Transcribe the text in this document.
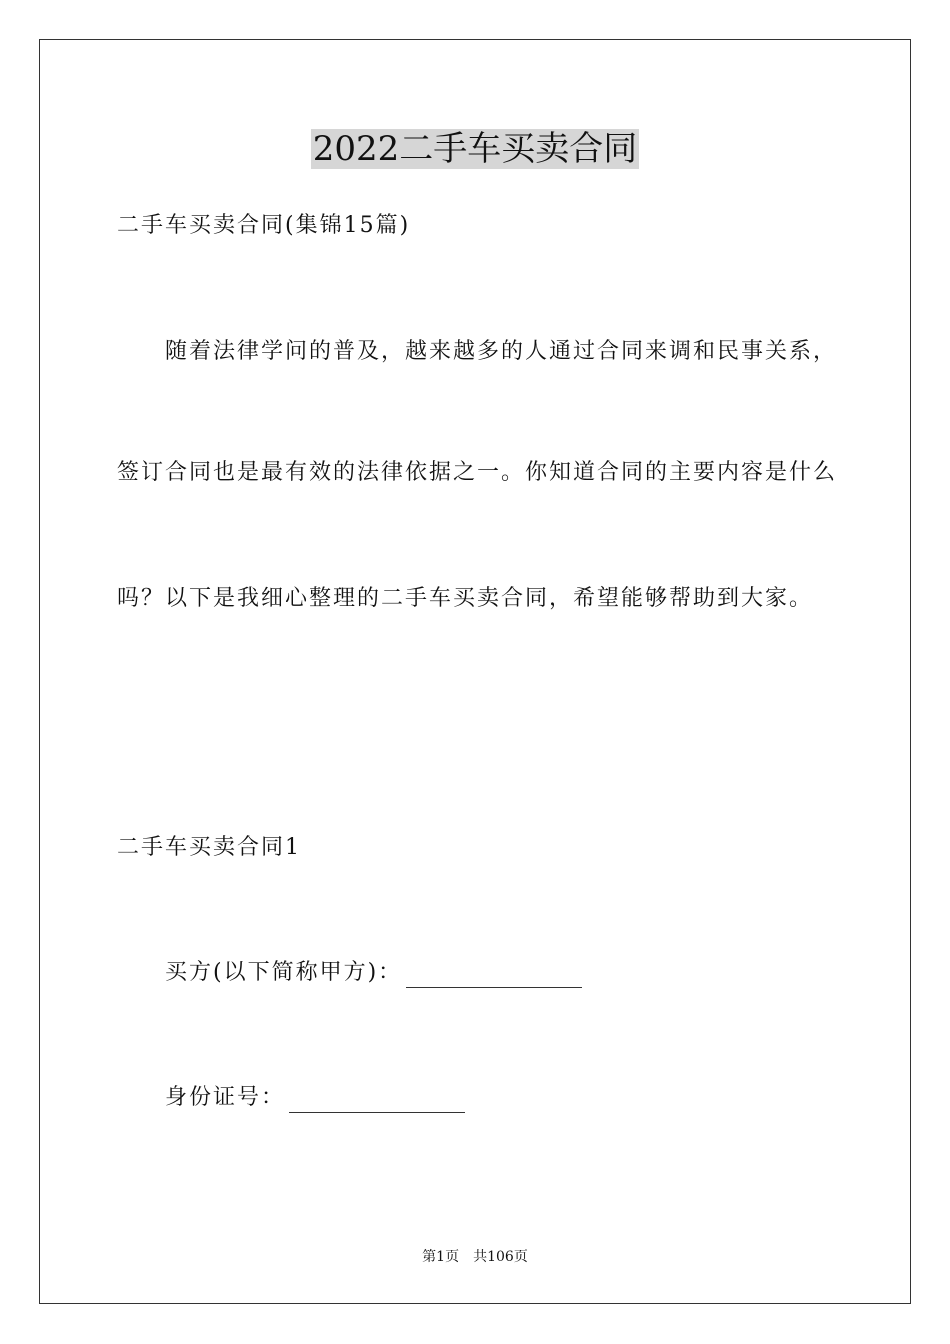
2022二手车买卖合同
二手车买卖合同(集锦15篇)
随着法律学问的普及，越来越多的人通过合同来调和民事关系，
签订合同也是最有效的法律依据之一。你知道合同的主要内容是什么
吗？以下是我细心整理的二手车买卖合同，希望能够帮助到大家。
二手车买卖合同1
买方(以下简称甲方)：
身份证号：
第1页 共106页
